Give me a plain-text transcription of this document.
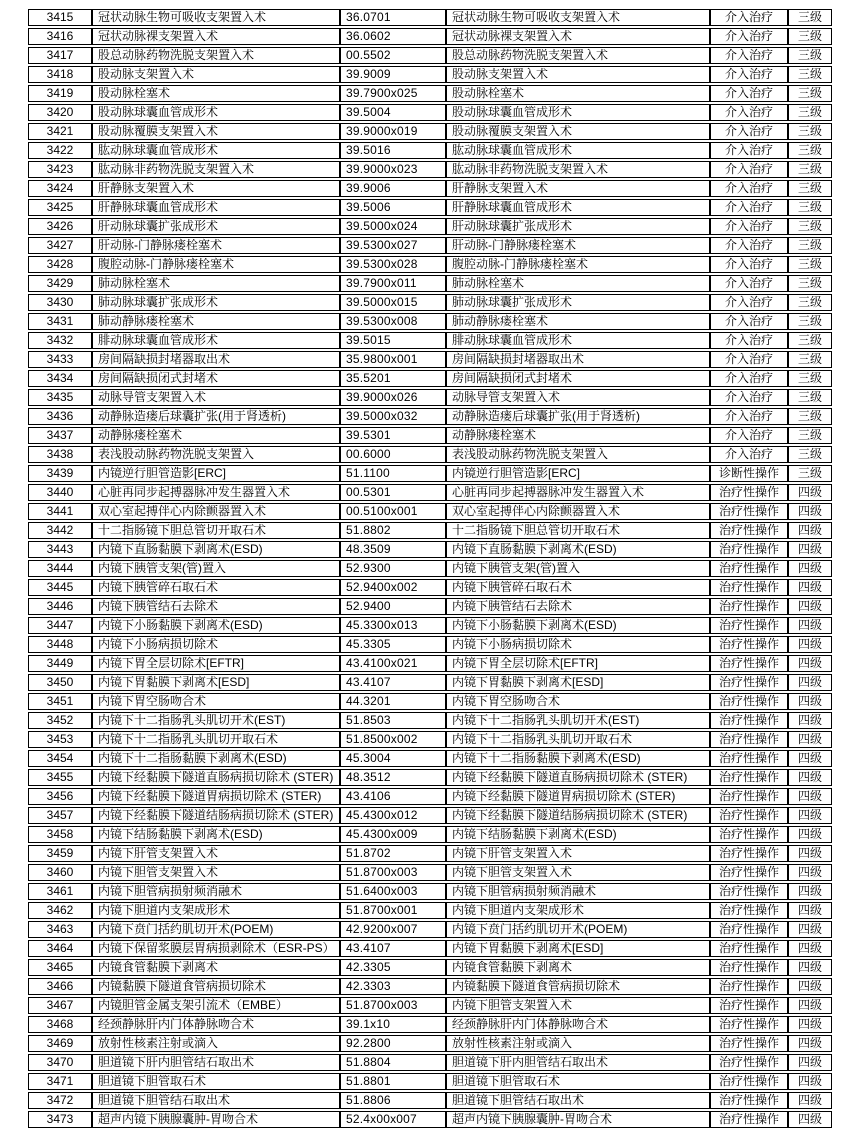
3415	冠状动脉生物可吸收支架置入术	36.0701	冠状动脉生物可吸收支架置入术	介入治疗	三级
3416	冠状动脉裸支架置入术	36.0602	冠状动脉裸支架置入术	介入治疗	三级
3417	股总动脉药物洗脱支架置入术	00.5502	股总动脉药物洗脱支架置入术	介入治疗	三级
3418	股动脉支架置入术	39.9009	股动脉支架置入术	介入治疗	三级
3419	股动脉栓塞术	39.7900x025	股动脉栓塞术	介入治疗	三级
3420	股动脉球囊血管成形术	39.5004	股动脉球囊血管成形术	介入治疗	三级
3421	股动脉覆膜支架置入术	39.9000x019	股动脉覆膜支架置入术	介入治疗	三级
3422	肱动脉球囊血管成形术	39.5016	肱动脉球囊血管成形术	介入治疗	三级
3423	肱动脉非药物洗脱支架置入术	39.9000x023	肱动脉非药物洗脱支架置入术	介入治疗	三级
3424	肝静脉支架置入术	39.9006	肝静脉支架置入术	介入治疗	三级
3425	肝静脉球囊血管成形术	39.5006	肝静脉球囊血管成形术	介入治疗	三级
3426	肝动脉球囊扩张成形术	39.5000x024	肝动脉球囊扩张成形术	介入治疗	三级
3427	肝动脉-门静脉瘘栓塞术	39.5300x027	肝动脉-门静脉瘘栓塞术	介入治疗	三级
3428	腹腔动脉-门静脉瘘栓塞术	39.5300x028	腹腔动脉-门静脉瘘栓塞术	介入治疗	三级
3429	肺动脉栓塞术	39.7900x011	肺动脉栓塞术	介入治疗	三级
3430	肺动脉球囊扩张成形术	39.5000x015	肺动脉球囊扩张成形术	介入治疗	三级
3431	肺动静脉瘘栓塞术	39.5300x008	肺动静脉瘘栓塞术	介入治疗	三级
3432	腓动脉球囊血管成形术	39.5015	腓动脉球囊血管成形术	介入治疗	三级
3433	房间隔缺损封堵器取出术	35.9800x001	房间隔缺损封堵器取出术	介入治疗	三级
3434	房间隔缺损闭式封堵术	35.5201	房间隔缺损闭式封堵术	介入治疗	三级
3435	动脉导管支架置入术	39.9000x026	动脉导管支架置入术	介入治疗	三级
3436	动静脉造瘘后球囊扩张(用于肾透析)	39.5000x032	动静脉造瘘后球囊扩张(用于肾透析)	介入治疗	三级
3437	动静脉瘘栓塞术	39.5301	动静脉瘘栓塞术	介入治疗	三级
3438	表浅股动脉药物洗脱支架置入	00.6000	表浅股动脉药物洗脱支架置入	介入治疗	三级
3439	内镜逆行胆管造影[ERC]	51.1100	内镜逆行胆管造影[ERC]	诊断性操作	三级
3440	心脏再同步起搏器脉冲发生器置入术	00.5301	心脏再同步起搏器脉冲发生器置入术	治疗性操作	四级
3441	双心室起搏伴心内除颤器置入术	00.5100x001	双心室起搏伴心内除颤器置入术	治疗性操作	四级
3442	十二指肠镜下胆总管切开取石术	51.8802	十二指肠镜下胆总管切开取石术	治疗性操作	四级
3443	内镜下直肠黏膜下剥离术(ESD)	48.3509	内镜下直肠黏膜下剥离术(ESD)	治疗性操作	四级
3444	内镜下胰管支架(管)置入	52.9300	内镜下胰管支架(管)置入	治疗性操作	四级
3445	内镜下胰管碎石取石术	52.9400x002	内镜下胰管碎石取石术	治疗性操作	四级
3446	内镜下胰管结石去除术	52.9400	内镜下胰管结石去除术	治疗性操作	四级
3447	内镜下小肠黏膜下剥离术(ESD)	45.3300x013	内镜下小肠黏膜下剥离术(ESD)	治疗性操作	四级
3448	内镜下小肠病损切除术	45.3305	内镜下小肠病损切除术	治疗性操作	四级
3449	内镜下胃全层切除术[EFTR]	43.4100x021	内镜下胃全层切除术[EFTR]	治疗性操作	四级
3450	内镜下胃黏膜下剥离术[ESD]	43.4107	内镜下胃黏膜下剥离术[ESD]	治疗性操作	四级
3451	内镜下胃空肠吻合术	44.3201	内镜下胃空肠吻合术	治疗性操作	四级
3452	内镜下十二指肠乳头肌切开术(EST)	51.8503	内镜下十二指肠乳头肌切开术(EST)	治疗性操作	四级
3453	内镜下十二指肠乳头肌切开取石术	51.8500x002	内镜下十二指肠乳头肌切开取石术	治疗性操作	四级
3454	内镜下十二指肠黏膜下剥离术(ESD)	45.3004	内镜下十二指肠黏膜下剥离术(ESD)	治疗性操作	四级
3455	内镜下经黏膜下隧道直肠病损切除术 (STER)	48.3512	内镜下经黏膜下隧道直肠病损切除术 (STER)	治疗性操作	四级
3456	内镜下经黏膜下隧道胃病损切除术 (STER)	43.4106	内镜下经黏膜下隧道胃病损切除术 (STER)	治疗性操作	四级
3457	内镜下经黏膜下隧道结肠病损切除术 (STER)	45.4300x012	内镜下经黏膜下隧道结肠病损切除术 (STER)	治疗性操作	四级
3458	内镜下结肠黏膜下剥离术(ESD)	45.4300x009	内镜下结肠黏膜下剥离术(ESD)	治疗性操作	四级
3459	内镜下肝管支架置入术	51.8702	内镜下肝管支架置入术	治疗性操作	四级
3460	内镜下胆管支架置入术	51.8700x003	内镜下胆管支架置入术	治疗性操作	四级
3461	内镜下胆管病损射频消融术	51.6400x003	内镜下胆管病损射频消融术	治疗性操作	四级
3462	内镜下胆道内支架成形术	51.8700x001	内镜下胆道内支架成形术	治疗性操作	四级
3463	内镜下贲门括约肌切开术(POEM)	42.9200x007	内镜下贲门括约肌切开术(POEM)	治疗性操作	四级
3464	内镜下保留浆膜层胃病损剥除术（ESR-PS）	43.4107	内镜下胃黏膜下剥离术[ESD]	治疗性操作	四级
3465	内镜食管黏膜下剥离术	42.3305	内镜食管黏膜下剥离术	治疗性操作	四级
3466	内镜黏膜下隧道食管病损切除术	42.3303	内镜黏膜下隧道食管病损切除术	治疗性操作	四级
3467	内镜胆管金属支架引流术（EMBE）	51.8700x003	内镜下胆管支架置入术	治疗性操作	四级
3468	经颈静脉肝内门体静脉吻合术	39.1x10	经颈静脉肝内门体静脉吻合术	治疗性操作	四级
3469	放射性核素注射或滴入	92.2800	放射性核素注射或滴入	治疗性操作	四级
3470	胆道镜下肝内胆管结石取出术	51.8804	胆道镜下肝内胆管结石取出术	治疗性操作	四级
3471	胆道镜下胆管取石术	51.8801	胆道镜下胆管取石术	治疗性操作	四级
3472	胆道镜下胆管结石取出术	51.8806	胆道镜下胆管结石取出术	治疗性操作	四级
3473	超声内镜下胰腺囊肿-胃吻合术	52.4x00x007	超声内镜下胰腺囊肿-胃吻合术	治疗性操作	四级
